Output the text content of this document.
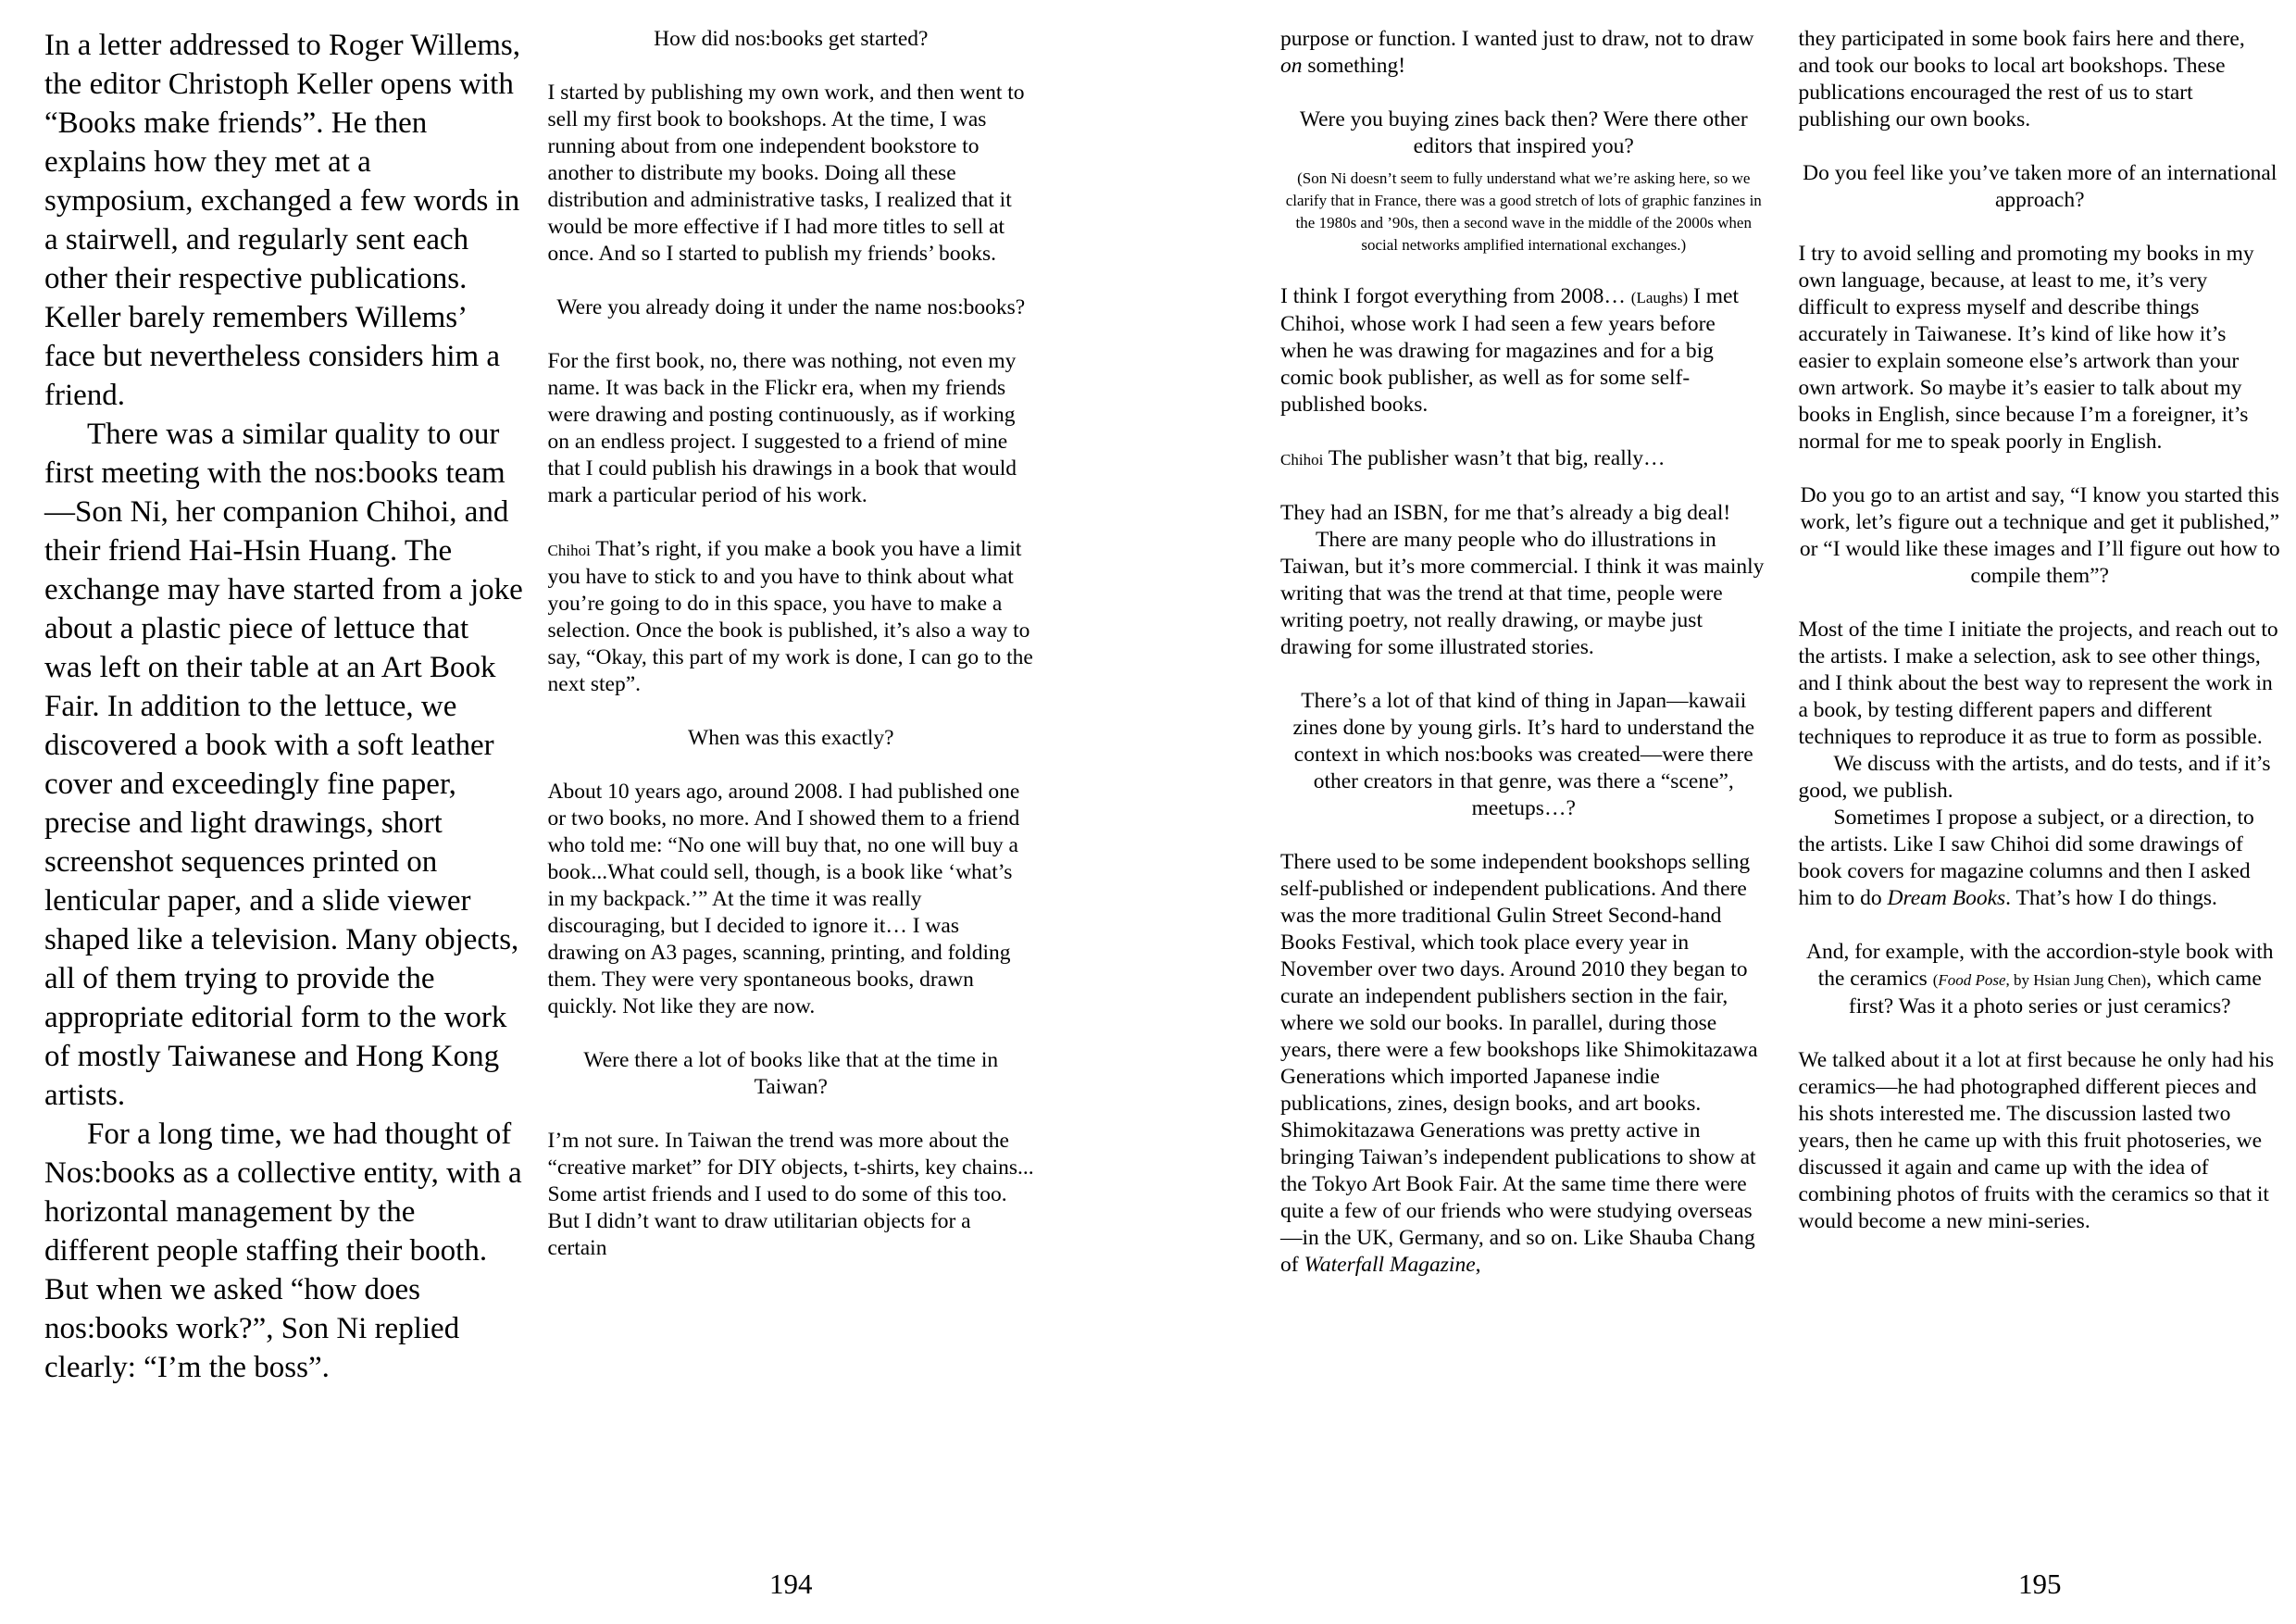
In a letter addressed to Roger Willems, the editor Christoph Keller opens with “Books make friends”. He then explains how they met at a symposium, exchanged a few words in a stairwell, and regularly sent each other their respective publications. Keller barely remembers Willems’ face but nevertheless considers him a friend.

There was a similar quality to our first meeting with the nos:books team—Son Ni, her companion Chihoi, and their friend Hai-Hsin Huang. The exchange may have started from a joke about a plastic piece of lettuce that was left on their table at an Art Book Fair. In addition to the lettuce, we discovered a book with a soft leather cover and exceedingly fine paper, precise and light drawings, short screenshot sequences printed on lenticular paper, and a slide viewer shaped like a television. Many objects, all of them trying to provide the appropriate editorial form to the work of mostly Taiwanese and Hong Kong artists.

For a long time, we had thought of Nos:books as a collective entity, with a horizontal management by the different people staffing their booth. But when we asked “how does nos:books work?”, Son Ni replied clearly: “I’m the boss”.

How did nos:books get started?
I started by publishing my own work, and then went to sell my first book to bookshops. At the time, I was running about from one independent bookstore to another to distribute my books. Doing all these distribution and administrative tasks, I realized that it would be more effective if I had more titles to sell at once. And so I started to publish my friends’ books.
Were you already doing it under the name nos:books?
For the first book, no, there was nothing, not even my name. It was back in the Flickr era, when my friends were drawing and posting continuously, as if working on an endless project. I suggested to a friend of mine that I could publish his drawings in a book that would mark a particular period of his work.
Chihoi That’s right, if you make a book you have a limit you have to stick to and you have to think about what you’re going to do in this space, you have to make a selection. Once the book is published, it’s also a way to say, “Okay, this part of my work is done, I can go to the next step”.
When was this exactly?
About 10 years ago, around 2008. I had published one or two books, no more. And I showed them to a friend who told me: “No one will buy that, no one will buy a book...What could sell, though, is a book like ‘what’s in my backpack.’” At the time it was really discouraging, but I decided to ignore it… I was drawing on A3 pages, scanning, printing, and folding them. They were very spontaneous books, drawn quickly. Not like they are now.
Were there a lot of books like that at the time in Taiwan?
I’m not sure. In Taiwan the trend was more about the “creative market” for DIY objects, t-shirts, key chains... Some artist friends and I used to do some of this too. But I didn’t want to draw utilitarian objects for a certain
194
purpose or function. I wanted just to draw, not to draw on something!
Were you buying zines back then? Were there other editors that inspired you?
(Son Ni doesn’t seem to fully understand what we’re asking here, so we clarify that in France, there was a good stretch of lots of graphic fanzines in the 1980s and ’90s, then a second wave in the middle of the 2000s when social networks amplified international exchanges.)
I think I forgot everything from 2008… (Laughs) I met Chihoi, whose work I had seen a few years before when he was drawing for magazines and for a big comic book publisher, as well as for some self-published books.
Chihoi The publisher wasn’t that big, really…
They had an ISBN, for me that’s already a big deal!
There are many people who do illustrations in Taiwan, but it’s more commercial. I think it was mainly writing that was the trend at that time, people were writing poetry, not really drawing, or maybe just drawing for some illustrated stories.
There’s a lot of that kind of thing in Japan—kawaii zines done by young girls. It’s hard to understand the context in which nos:books was created—were there other creators in that genre, was there a “scene”, meetups…?
There used to be some independent bookshops selling self-published or independent publications. And there was the more traditional Gulin Street Second-hand Books Festival, which took place every year in November over two days. Around 2010 they began to curate an independent publishers section in the fair, where we sold our books. In parallel, during those years, there were a few bookshops like Shimokitazawa Generations which imported Japanese indie publications, zines, design books, and art books. Shimokitazawa Generations was pretty active in bringing Taiwan’s independent publications to show at the Tokyo Art Book Fair. At the same time there were quite a few of our friends who were studying overseas—in the UK, Germany, and so on. Like Shauba Chang of Waterfall Magazine,
they participated in some book fairs here and there, and took our books to local art bookshops. These publications encouraged the rest of us to start publishing our own books.
Do you feel like you’ve taken more of an international approach?
I try to avoid selling and promoting my books in my own language, because, at least to me, it’s very difficult to express myself and describe things accurately in Taiwanese. It’s kind of like how it’s easier to explain someone else’s artwork than your own artwork. So maybe it’s easier to talk about my books in English, since because I’m a foreigner, it’s normal for me to speak poorly in English.
Do you go to an artist and say, “I know you started this work, let’s figure out a technique and get it published,” or “I would like these images and I’ll figure out how to compile them”?
Most of the time I initiate the projects, and reach out to the artists. I make a selection, ask to see other things, and I think about the best way to represent the work in a book, by testing different papers and different techniques to reproduce it as true to form as possible.
We discuss with the artists, and do tests, and if it’s good, we publish.
Sometimes I propose a subject, or a direction, to the artists. Like I saw Chihoi did some drawings of book covers for magazine columns and then I asked him to do Dream Books. That’s how I do things.
And, for example, with the accordion-style book with the ceramics (Food Pose, by Hsian Jung Chen), which came first? Was it a photo series or just ceramics?
We talked about it a lot at first because he only had his ceramics—he had photographed different pieces and his shots interested me. The discussion lasted two years, then he came up with this fruit photoseries, we discussed it again and came up with the idea of combining photos of fruits with the ceramics so that it would become a new mini-series.
195
